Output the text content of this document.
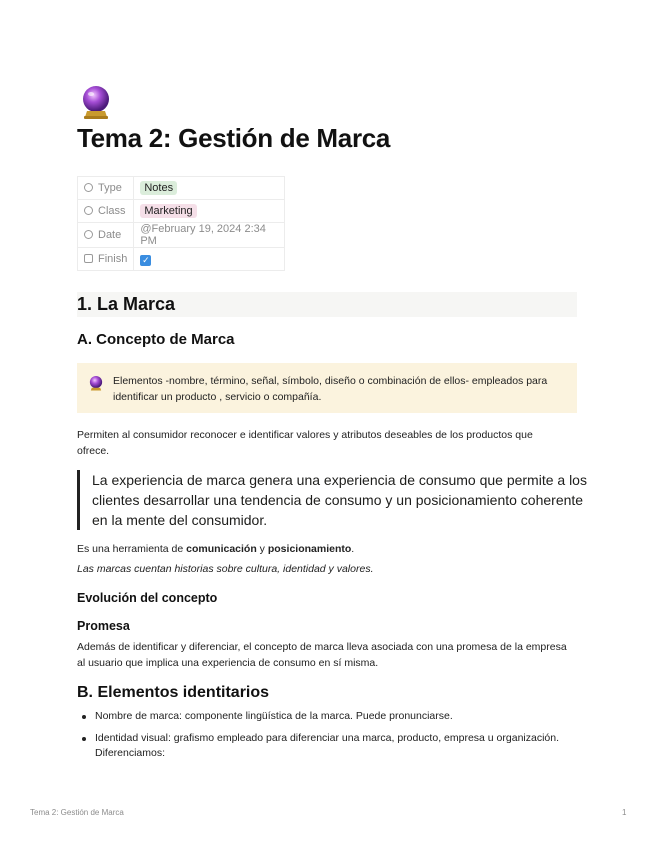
Tema 2: Gestión de Marca
Type	Notes
Class	Marketing
Date	@February 19, 2024 2:34 PM
Finish	✓
1. La Marca
A. Concepto de Marca

Elementos -nombre, término, señal, símbolo, diseño o combinación de ellos- empleados para identificar un producto , servicio o compañía.

Permiten al consumidor reconocer e identificar valores y atributos deseables de los productos que ofrece.

La experiencia de marca genera una experiencia de consumo que permite a los clientes desarrollar una tendencia de consumo y un posicionamiento coherente en la mente del consumidor.

Es una herramienta de comunicación y posicionamiento.

Las marcas cuentan historias sobre cultura, identidad y valores.

Evolución del concepto
Promesa

Además de identificar y diferenciar, el concepto de marca lleva asociada con una promesa de la empresa al usuario que implica una experiencia de consumo en sí misma.

B. Elementos identitarios
Nombre de marca: componente lingüística de la marca. Puede pronunciarse.
Identidad visual: grafismo empleado para diferenciar una marca, producto, empresa u organización. Diferenciamos:
Tema 2: Gestión de Marca	1
